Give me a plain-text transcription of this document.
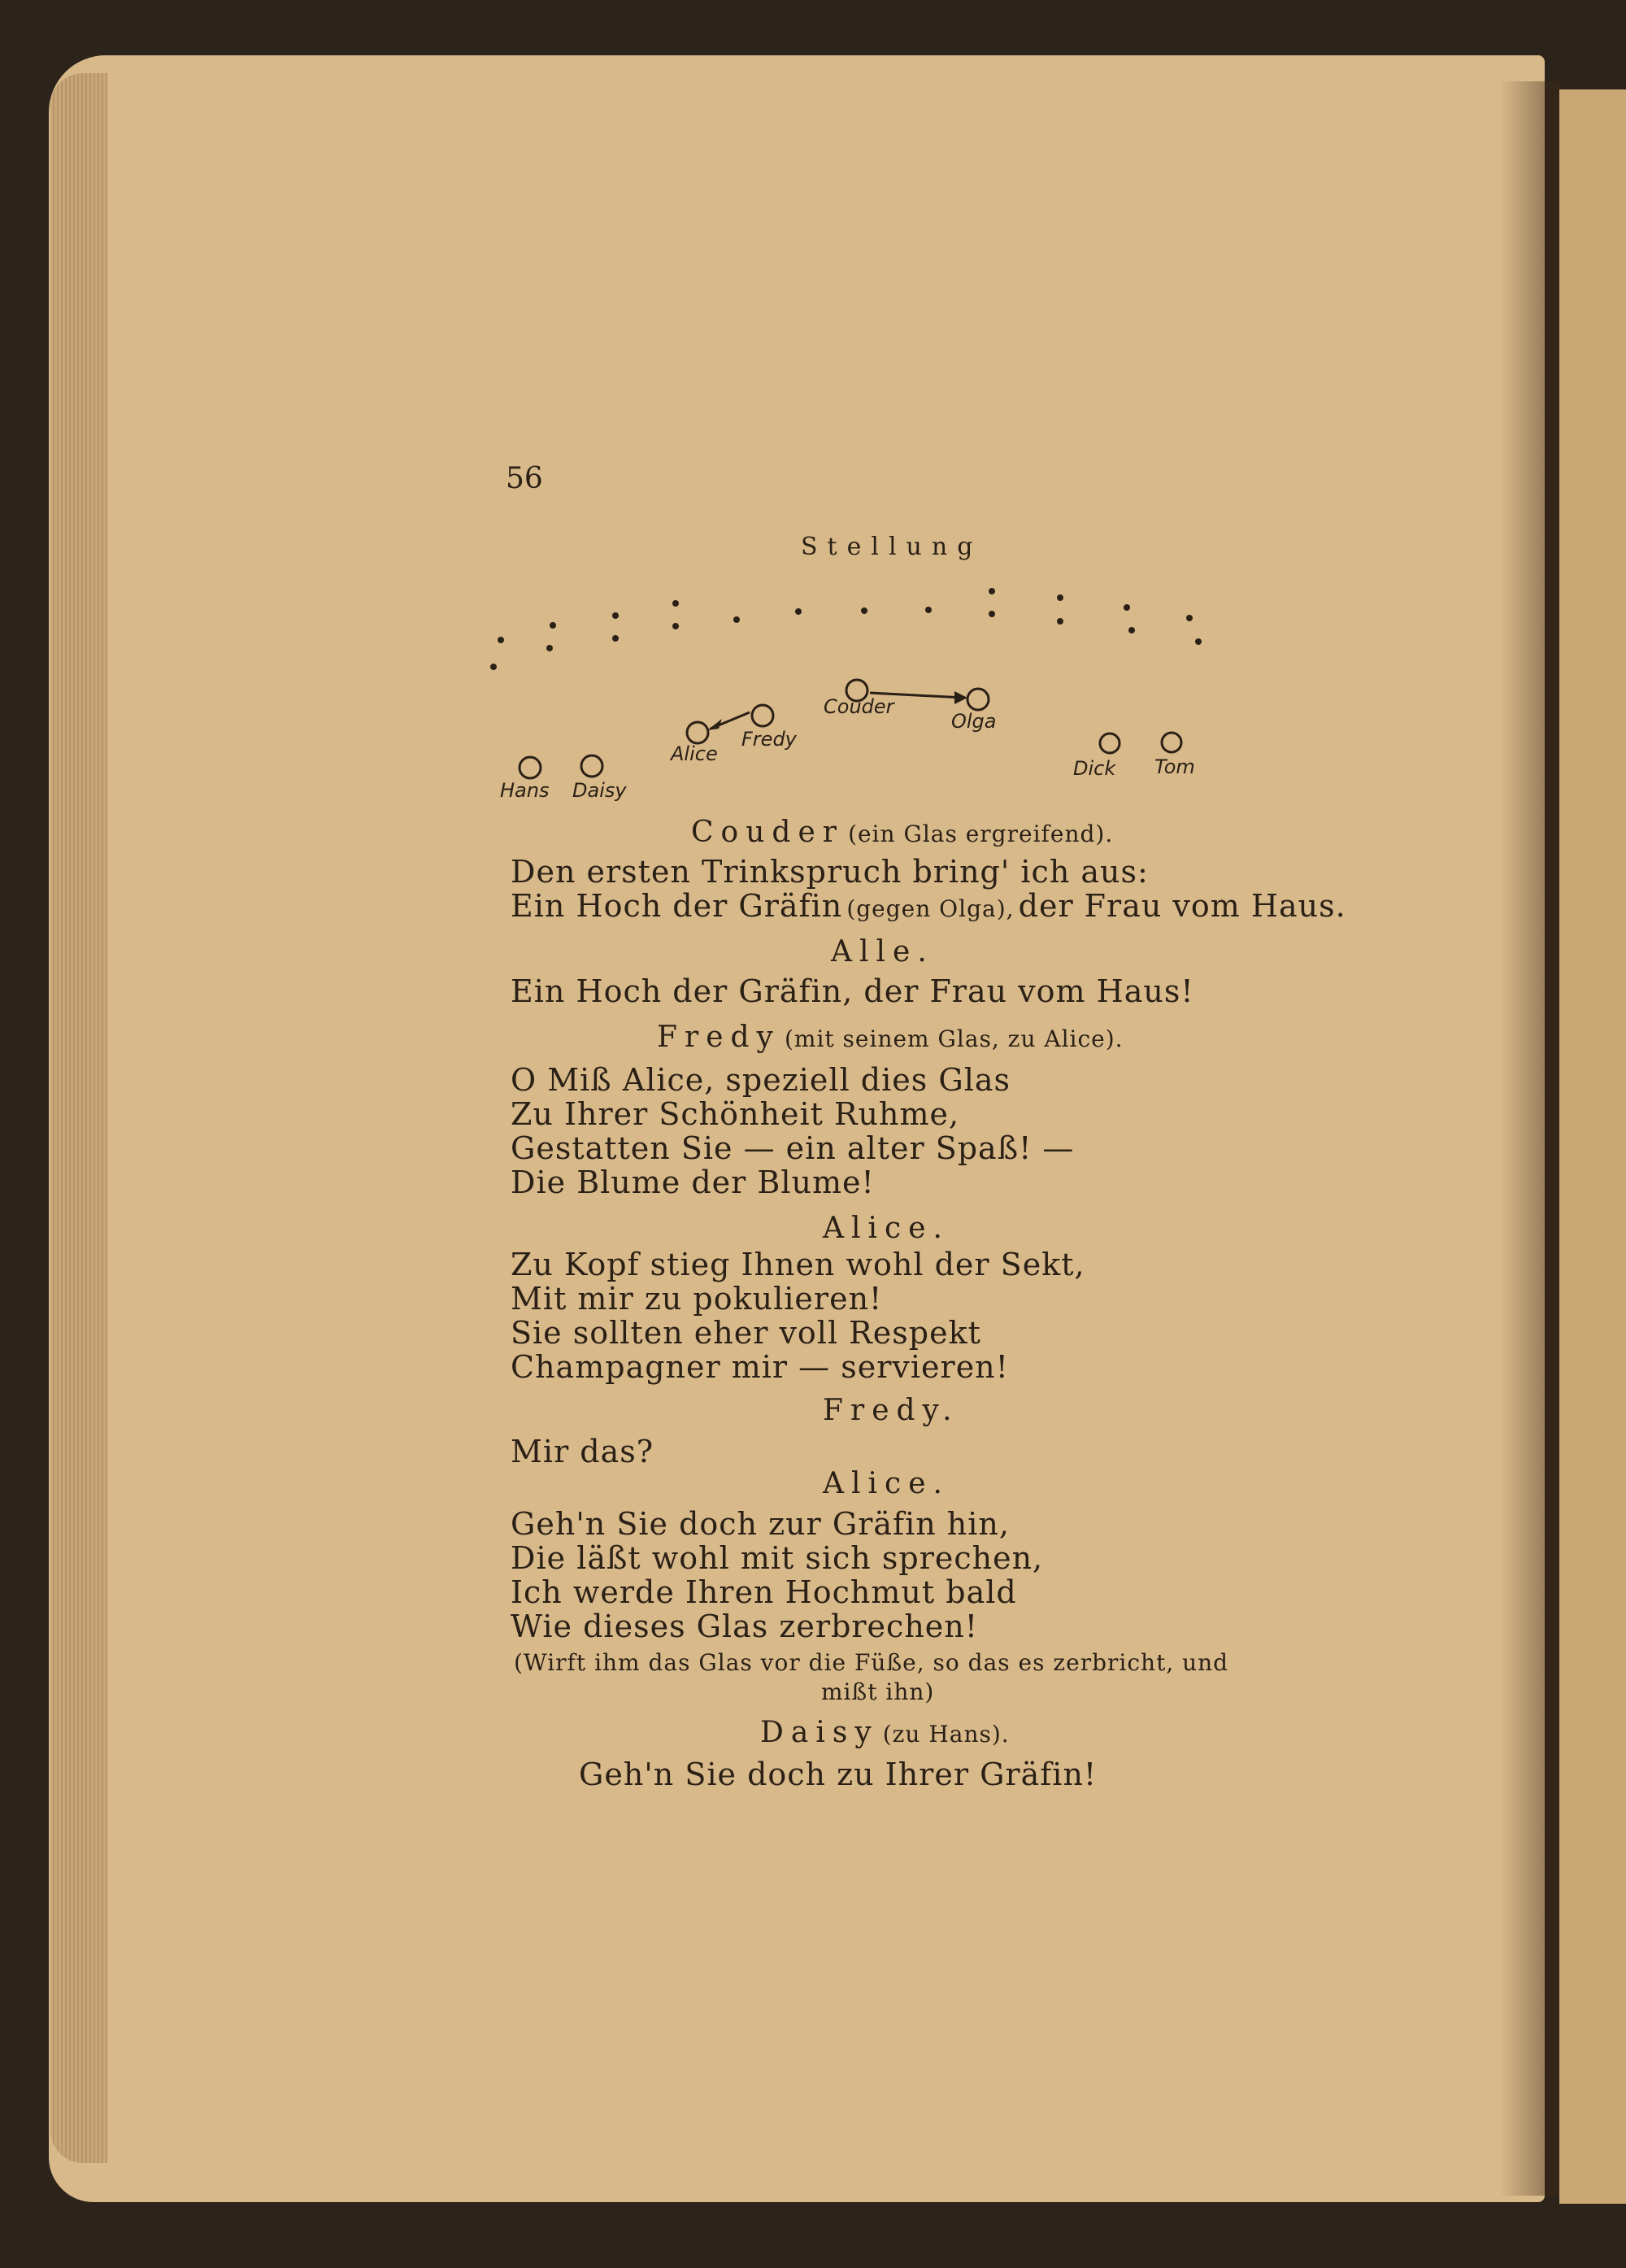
56
Stellung
Hans Daisy
Alice
Fredy
Couder
Olga
Dick Tom
Couder (ein Glas ergreifend).
Den ersten Trinkspruch bring' ich aus:
Ein Hoch der Gräfin (gegen Olga), der Frau vom Haus.
Alle.
Ein Hoch der Gräfin, der Frau vom Haus!
Fredy (mit seinem Glas, zu Alice).
O Miß Alice, speziell dies Glas
Zu Ihrer Schönheit Ruhme,
Gestatten Sie — ein alter Spaß! —
Die Blume der Blume!
Alice.
Zu Kopf stieg Ihnen wohl der Sekt,
Mit mir zu pokulieren!
Sie sollten eher voll Respekt
Champagner mir — servieren!
Fredy.
Mir das?
Alice.
Geh'n Sie doch zur Gräfin hin,
Die läßt wohl mit sich sprechen,
Ich werde Ihren Hochmut bald
Wie dieses Glas zerbrechen!
(Wirft ihm das Glas vor die Füße, so das es zerbricht, und
mißt ihn)
Daisy (zu Hans).
Geh'n Sie doch zu Ihrer Gräfin!
